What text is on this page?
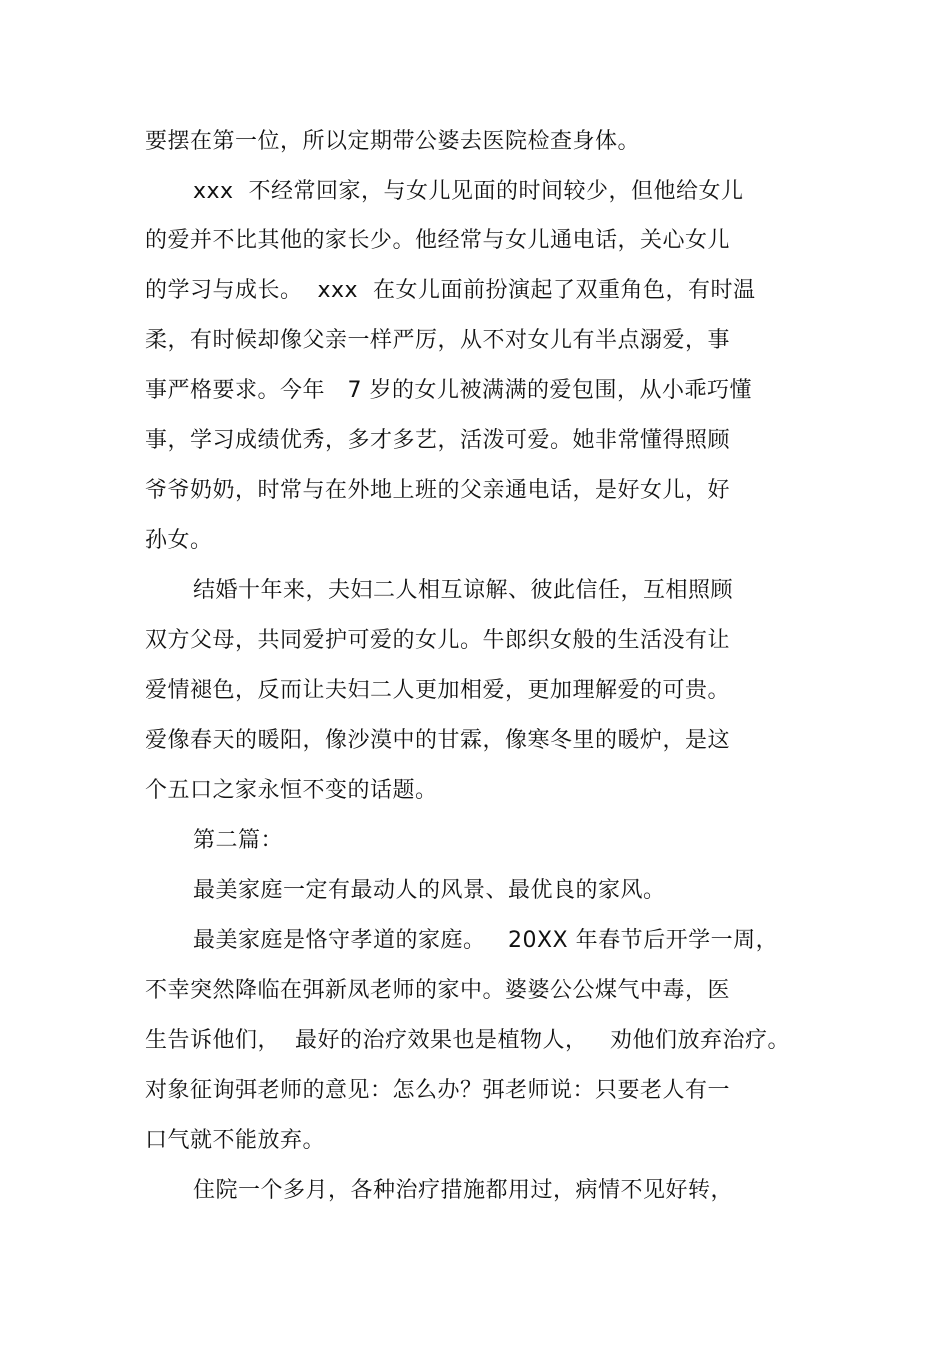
要摆在第一位，所以定期带公婆去医院检查身体。
xxx  不经常回家，与女儿见面的时间较少，但他给女儿
的爱并不比其他的家长少。他经常与女儿通电话，关心女儿
的学习与成长。  xxx  在女儿面前扮演起了双重角色，有时温
柔，有时候却像父亲一样严厉，从不对女儿有半点溺爱，事
事严格要求。今年   7 岁的女儿被满满的爱包围，从小乖巧懂
事，学习成绩优秀，多才多艺，活泼可爱。她非常懂得照顾
爷爷奶奶，时常与在外地上班的父亲通电话，是好女儿，好
孙女。
结婚十年来，夫妇二人相互谅解、彼此信任，互相照顾
双方父母，共同爱护可爱的女儿。牛郎织女般的生活没有让
爱情褪色，反而让夫妇二人更加相爱，更加理解爱的可贵。
爱像春天的暖阳，像沙漠中的甘霖，像寒冬里的暖炉，是这
个五口之家永恒不变的话题。
第二篇：
最美家庭一定有最动人的风景、最优良的家风。
最美家庭是恪守孝道的家庭。   20XX 年春节后开学一周，
不幸突然降临在弭新凤老师的家中。婆婆公公煤气中毒，医
生告诉他们，  最好的治疗效果也是植物人，   劝他们放弃治疗。
对象征询弭老师的意见：怎么办？弭老师说：只要老人有一
口气就不能放弃。
住院一个多月，各种治疗措施都用过，病情不见好转，
